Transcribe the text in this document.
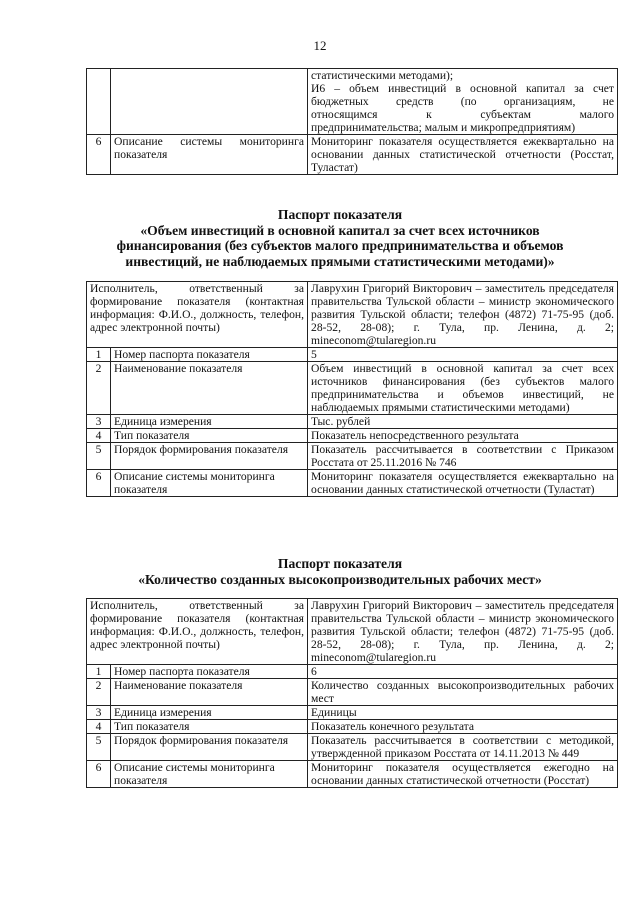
12

		статистическими методами);
И6 – объем инвестиций в основной капитал за счет
бюджетных средств (по организациям, не
относящимся к субъектам малого
предпринимательства; малым и микропредприятиям)

6	Описание системы мониторинга показателя	Мониторинг показателя осуществляется ежеквартально на основании данных статистической отчетности (Росстат, Туластат)
Паспорт показателя
«Объем инвестиций в основной капитал за счет всех источников
финансирования (без субъектов малого предпринимательства и объемов
инвестиций, не наблюдаемых прямыми статистическими методами)»
Исполнитель, ответственный за формирование показателя (контактная информация: Ф.И.О., должность, телефон, адрес электронной почты)		Лаврухин Григорий Викторович – заместитель председателя правительства Тульской области – министр экономического развития Тульской области; телефон (4872) 71-75-95 (доб. 28-52, 28-08); г. Тула, пр. Ленина, д. 2; mineconom@tularegion.ru
1	Номер паспорта показателя	5
2	Наименование показателя	Объем инвестиций в основной капитал за счет всех источников финансирования (без субъектов малого предпринимательства и объемов инвестиций, не наблюдаемых прямыми статистическими методами)
3	Единица измерения	Тыс. рублей
4	Тип показателя	Показатель непосредственного результата
5	Порядок формирования показателя	Показатель рассчитывается в соответствии с Приказом Росстата от 25.11.2016 № 746
6	Описание системы мониторинга показателя	Мониторинг показателя осуществляется ежеквартально на основании данных статистической отчетности (Туластат)
Паспорт показателя
«Количество созданных высокопроизводительных рабочих мест»
Исполнитель, ответственный за формирование показателя (контактная информация: Ф.И.О., должность, телефон, адрес электронной почты)		Лаврухин Григорий Викторович – заместитель председателя правительства Тульской области – министр экономического развития Тульской области; телефон (4872) 71-75-95 (доб. 28-52, 28-08); г. Тула, пр. Ленина, д. 2; mineconom@tularegion.ru
1	Номер паспорта показателя	6
2	Наименование показателя	Количество созданных высокопроизводительных рабочих мест
3	Единица измерения	Единицы
4	Тип показателя	Показатель конечного результата
5	Порядок формирования показателя	Показатель рассчитывается в соответствии с методикой, утвержденной приказом Росстата от 14.11.2013 № 449
6	Описание системы мониторинга показателя	Мониторинг показателя осуществляется ежегодно на основании данных статистической отчетности (Росстат)
